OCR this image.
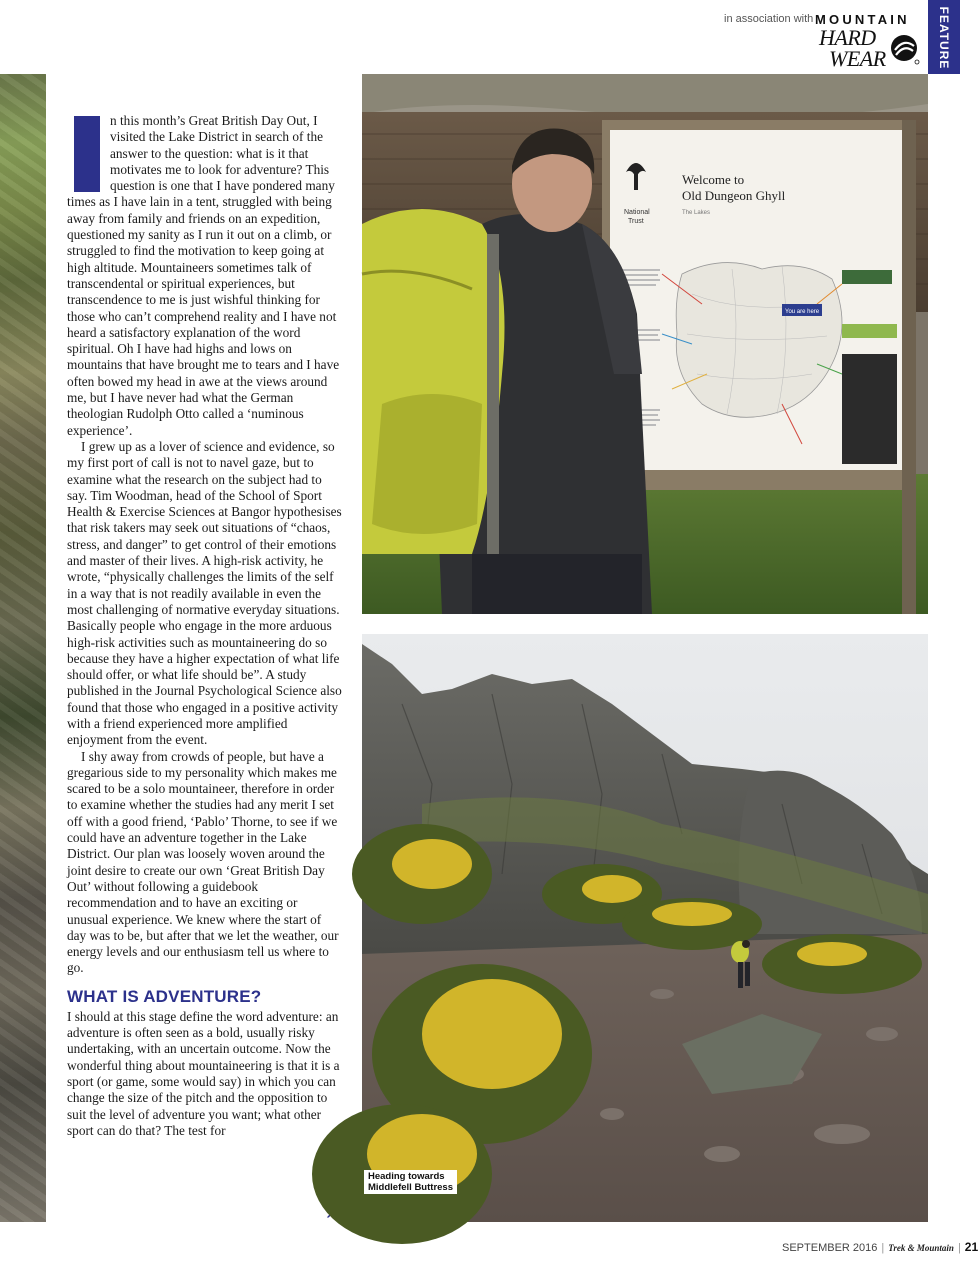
in association with MOUNTAIN
HARD
WEAR	FEATURE

n this month’s Great British Day Out, I visited the Lake District in search of the answer to the question: what is it that motivates me to look for adventure? This question is one that I have pondered many times as I have lain in a tent, struggled with being away from family and friends on an expedition, questioned my sanity as I run it out on a climb, or struggled to find the motivation to keep going at high altitude. Mountaineers sometimes talk of transcendental or spiritual experiences, but transcendence to me is just wishful thinking for those who can’t comprehend reality and I have not heard a satisfactory explanation of the word spiritual. Oh I have had highs and lows on mountains that have brought me to tears and I have often bowed my head in awe at the views around me, but I have never had what the German theologian Rudolph Otto called a ‘numinous experience’.

I grew up as a lover of science and evidence, so my first port of call is not to navel gaze, but to examine what the research on the subject had to say. Tim Woodman, head of the School of Sport Health & Exercise Sciences at Bangor hypothesises that risk takers may seek out situations of “chaos, stress, and danger” to get control of their emotions and master of their lives. A high-risk activity, he wrote, “physically challenges the limits of the self in a way that is not readily available in even the most challenging of normative everyday situations. Basically people who engage in the more arduous high-risk activities such as mountaineering do so because they have a higher expectation of what life should offer, or what life should be”. A study published in the Journal Psychological Science also found that those who engaged in a positive activity with a friend experienced more amplified enjoyment from the event.

I shy away from crowds of people, but have a gregarious side to my personality which makes me scared to be a solo mountaineer, therefore in order to examine whether the studies had any merit I set off with a good friend, ‘Pablo’ Thorne, to see if we could have an adventure together in the Lake District. Our plan was loosely woven around the joint desire to create our own ‘Great British Day Out’ without following a guidebook recommendation and to have an exciting or unusual experience. We knew where the start of day was to be, but after that we let the weather, our energy levels and our enthusiasm tell us where to go.

WHAT IS ADVENTURE?

I should at this stage define the word adventure: an adventure is often seen as a bold, usually risky undertaking, with an uncertain outcome. Now the wonderful thing about mountaineering is that it is a sport (or game, some would say) in which you can change the size of the pitch and the opposition to suit the level of adventure you want; what other sport can do that? The test for

National
Trust
Welcome to
Old Dungeon Ghyll
The Lakes
You are here
Heading towards
Middlefell Buttress
SEPTEMBER 2016 | Trek & Mountain | 21
